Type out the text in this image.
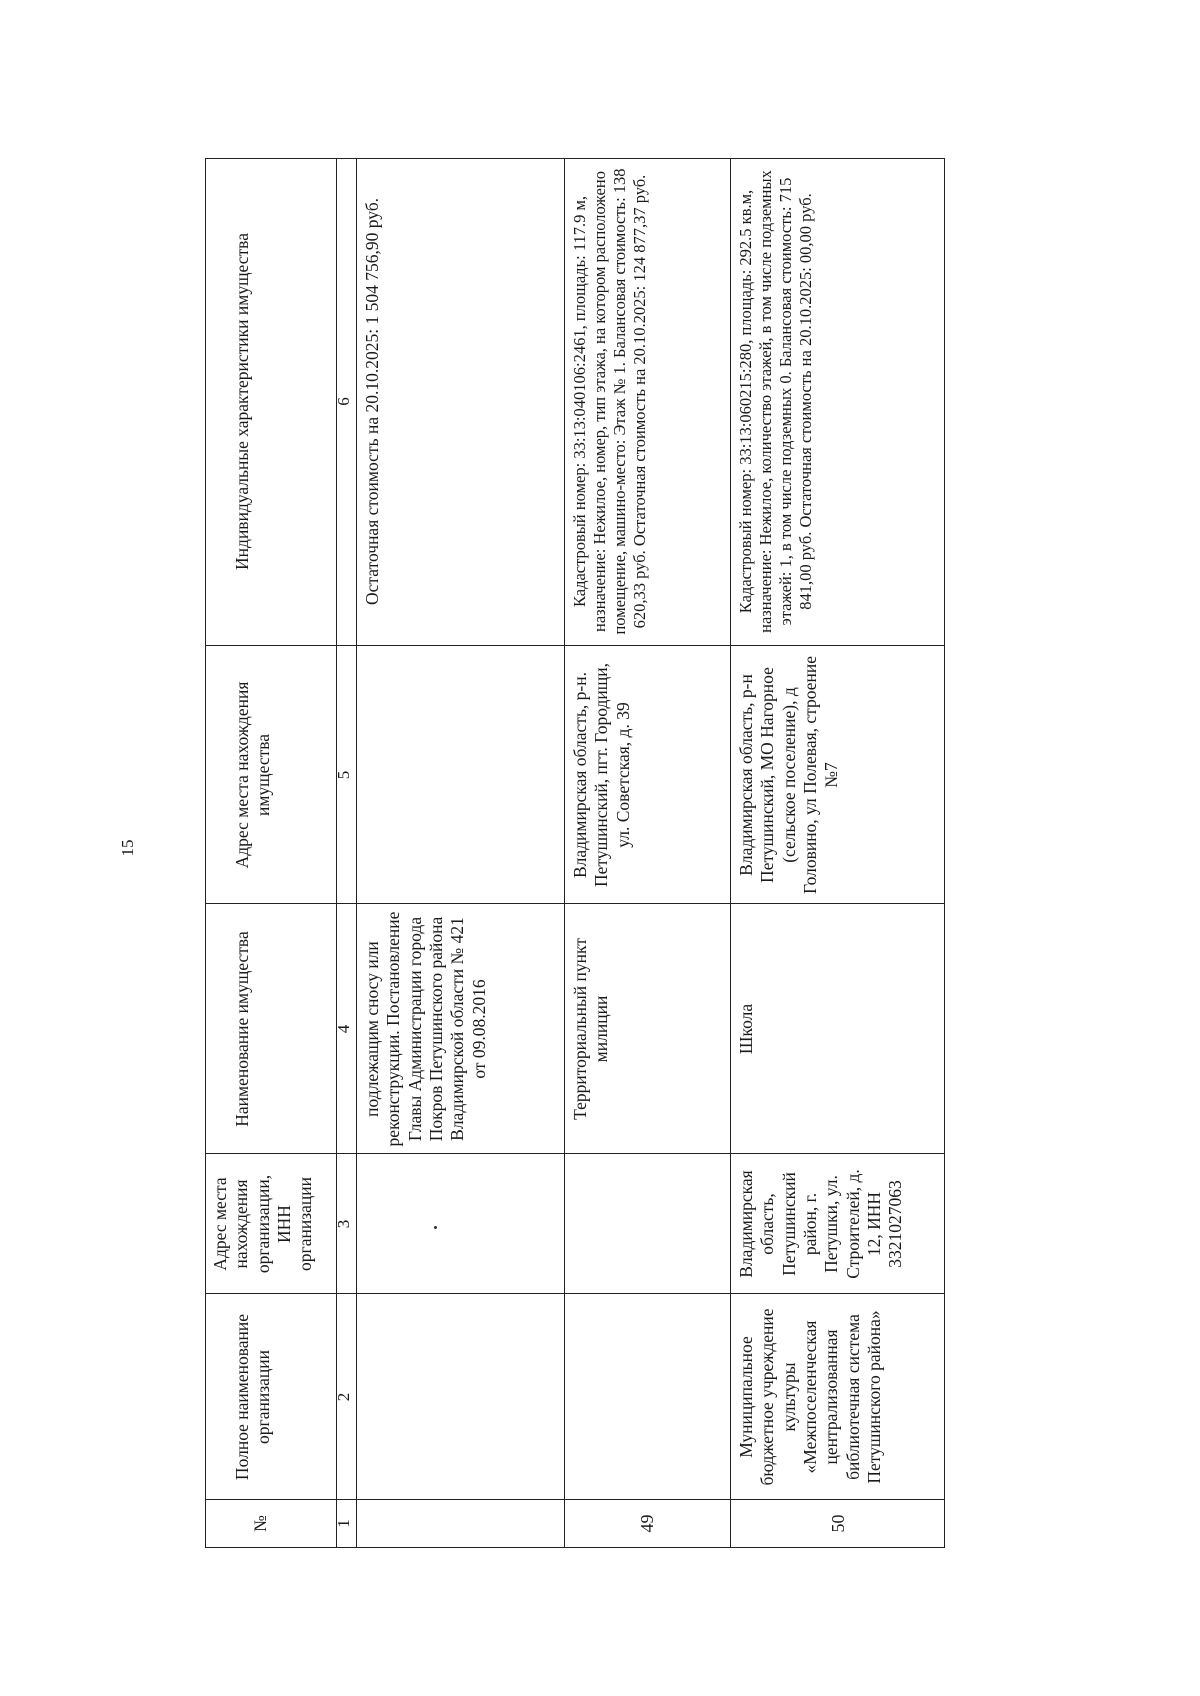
15
№
Полное наименование организации
Адрес места нахождения организации, ИНН организации
Наименование имущества
Адрес места нахождения имущества
Индивидуальные характеристики имущества
1
2
3
4
5
6
подлежащим сносу или реконструкции. Постановление Главы Администрации города Покров Петушинского района Владимирской области № 421 от 09.08.2016
Остаточная стоимость на 20.10.2025: 1 504 756,90 руб.
49
Территориальный пункт милиции
Владимирская область, р-н. Петушинский, пгт. Городищи, ул. Советская, д. 39
Кадастровый номер: 33:13:040106:2461, площадь: 117.9 м, назначение: Нежилое, номер, тип этажа, на котором расположено помещение, машино-место: Этаж № 1. Балансовая стоимость: 138 620,33 руб. Остаточная стоимость на 20.10.2025: 124 877,37 руб.
50
Муниципальное бюджетное учреждение культуры «Межпоселенческая централизованная библиотечная система Петушинского района»
Владимирская область, Петушинский район, г. Петушки, ул. Строителей, д. 12, ИНН 3321027063
Школа
Владимирская область, р-н Петушинский, МО Нагорное (сельское поселение), д Головино, ул Полевая, строение №7
Кадастровый номер: 33:13:060215:280, площадь: 292.5 кв.м, назначение: Нежилое, количество этажей, в том числе подземных этажей: 1, в том числе подземных 0. Балансовая стоимость: 715 841,00 руб. Остаточная стоимость на 20.10.2025: 00,00 руб.
